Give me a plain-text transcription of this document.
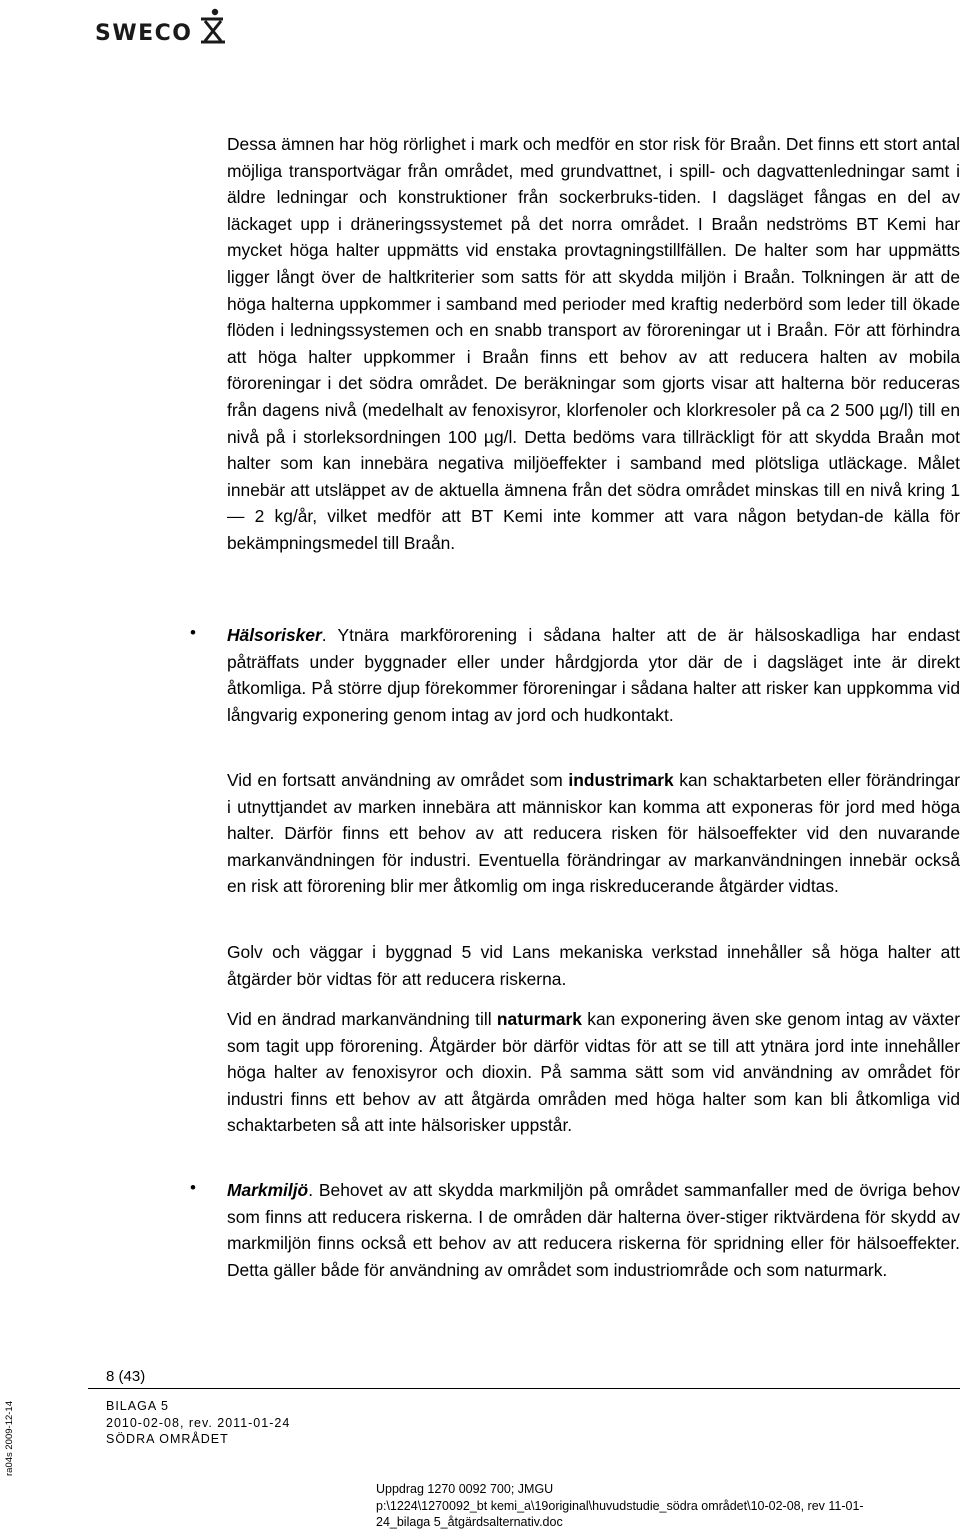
SWECO

Dessa ämnen har hög rörlighet i mark och medför en stor risk för Braån. Det finns ett stort antal möjliga transportvägar från området, med grundvattnet, i spill- och dagvattenledningar samt i äldre ledningar och konstruktioner från sockerbruks-tiden. I dagsläget fångas en del av läckaget upp i dräneringssystemet på det norra området. I Braån nedströms BT Kemi har mycket höga halter uppmätts vid enstaka provtagningstillfällen. De halter som har uppmätts ligger långt över de haltkriterier som satts för att skydda miljön i Braån. Tolkningen är att de höga halterna uppkommer i samband med perioder med kraftig nederbörd som leder till ökade flöden i ledningssystemen och en snabb transport av föroreningar ut i Braån. För att förhindra att höga halter uppkommer i Braån finns ett behov av att reducera halten av mobila föroreningar i det södra området. De beräkningar som gjorts visar att halterna bör reduceras från dagens nivå (medelhalt av fenoxisyror, klorfenoler och klorkresoler på ca 2 500 µg/l) till en nivå på i storleksordningen 100 µg/l. Detta bedöms vara tillräckligt för att skydda Braån mot halter som kan innebära negativa miljöeffekter i samband med plötsliga utläckage. Målet innebär att utsläppet av de aktuella ämnena från det södra området minskas till en nivå kring 1 — 2 kg/år, vilket medför att BT Kemi inte kommer att vara någon betydan-de källa för bekämpningsmedel till Braån.

• Hälsorisker. Ytnära markförorening i sådana halter att de är hälsoskadliga har endast påträffats under byggnader eller under hårdgjorda ytor där de i dagsläget inte är direkt åtkomliga. På större djup förekommer föroreningar i sådana halter att risker kan uppkomma vid långvarig exponering genom intag av jord och hudkontakt.

Vid en fortsatt användning av området som industrimark kan schaktarbeten eller förändringar i utnyttjandet av marken innebära att människor kan komma att exponeras för jord med höga halter. Därför finns ett behov av att reducera risken för hälsoeffekter vid den nuvarande markanvändningen för industri. Eventuella förändringar av markanvändningen innebär också en risk att förorening blir mer åtkomlig om inga riskreducerande åtgärder vidtas.

Golv och väggar i byggnad 5 vid Lans mekaniska verkstad innehåller så höga halter att åtgärder bör vidtas för att reducera riskerna.

Vid en ändrad markanvändning till naturmark kan exponering även ske genom intag av växter som tagit upp förorening. Åtgärder bör därför vidtas för att se till att ytnära jord inte innehåller höga halter av fenoxisyror och dioxin. På samma sätt som vid användning av området för industri finns ett behov av att åtgärda områden med höga halter som kan bli åtkomliga vid schaktarbeten så att inte hälsorisker uppstår.

• Markmiljö. Behovet av att skydda markmiljön på området sammanfaller med de övriga behov som finns att reducera riskerna. I de områden där halterna över-stiger riktvärdena för skydd av markmiljön finns också ett behov av att reducera riskerna för spridning eller för hälsoeffekter. Detta gäller både för användning av området som industriområde och som naturmark.

8 (43)
BILAGA 5
2010-02-08, rev. 2011-01-24
SÖDRA OMRÅDET
Uppdrag 1270 0092 700; JMGU
p:\1224\1270092_bt kemi_a\19original\huvudstudie_södra området\10-02-08, rev 11-01-
24_bilaga 5_åtgärdsalternativ.doc
ra04s 2009-12-14
